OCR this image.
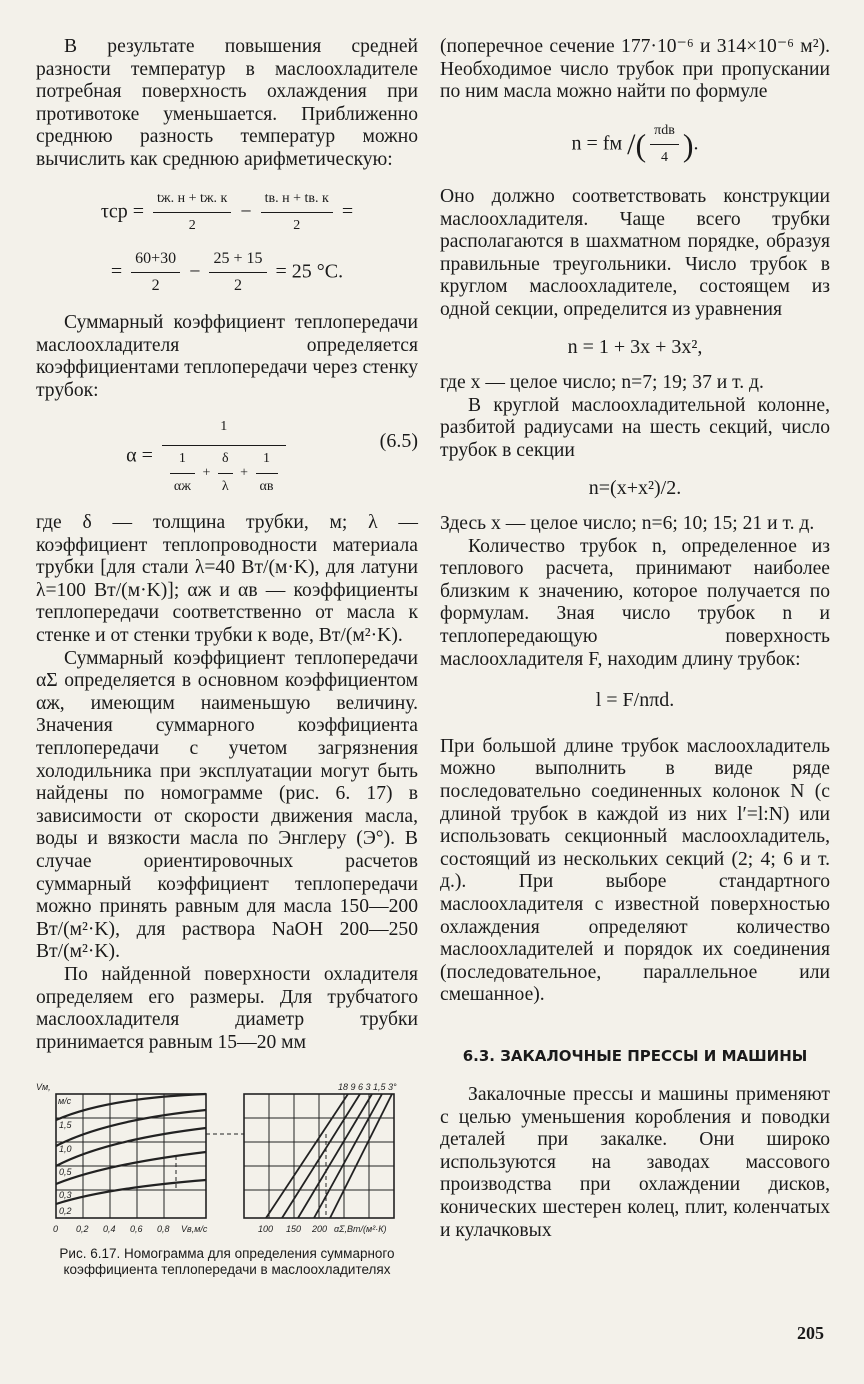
В результате повышения средней разности температур в маслоохладителе потребная поверхность охлаждения при противотоке уменьшается. Приближенно среднюю разность температур можно вычислить как среднюю арифметическую:

$\tau ср = \frac{tж. н + tж. к}{2} - \frac{tв. н + tв. к}{2}$ =
= $\frac{60+30}{2} - \frac{25 + 15}{2} = 25$ °C.

Суммарный коэффициент теплопередачи маслоохладителя определяется коэффициентами теплопередачи через стенку трубок:

(6.5)
$\alpha = \frac{1}{\frac{1}{\alpha ж} + \frac{\delta}{\lambda} + \frac{1}{\alpha в}}$

где δ — толщина трубки, м; λ — коэффициент теплопроводности материала трубки [для стали λ=40 Вт/(м·K), для латуни λ=100 Вт/(м·K)]; αж и αв — коэффициенты теплопередачи соответственно от масла к стенке и от стенки трубки к воде, Вт/(м²·K).

Суммарный коэффициент теплопередачи αΣ определяется в основном коэффициентом αж, имеющим наименьшую величину. Значения суммарного коэффициента теплопередачи с учетом загрязнения холодильника при эксплуатации могут быть найдены по номограмме (рис. 6. 17) в зависимости от скорости движения масла, воды и вязкости масла по Энглеру (Э°). В случае ориентировочных расчетов суммарный коэффициент теплопередачи можно принять равным для масла 150—200 Вт/(м²·K), для раствора NaOH 200—250 Вт/(м²·K).

По найденной поверхности охладителя определяем его размеры. Для трубчатого маслоохладителя диаметр трубки принимается равным 15—20 мм

Vм,
м/с
1,5
1,0
0,5
0,3
0,2
0 0,2 0,4 0,6 0,8 Vв,м/с	100 150 200 αΣ,Вт/(м²·К)
18 9 6 3 1,5 3°
Рис. 6.17. Номограмма для определения суммарного коэффициента теплопередачи в маслоохладителях

(поперечное сечение 177·10⁻⁶ и 314×10⁻⁶ м²). Необходимое число трубок при пропускании по ним масла можно найти по формуле

n = fм /( $\frac{\text{πdв}}{4}$ ).

Оно должно соответствовать конструкции маслоохладителя. Чаще всего трубки располагаются в шахматном порядке, образуя правильные треугольники. Число трубок в круглом маслоохладителе, состоящем из одной секции, определится из уравнения

n = 1 + 3x + 3x²,

где x — целое число; n=7; 19; 37 и т. д.

В круглой маслоохладительной колонне, разбитой радиусами на шесть секций, число трубок в секции

n=(x+x²)/2.

Здесь x — целое число; n=6; 10; 15; 21 и т. д.

Количество трубок n, определенное из теплового расчета, принимают наиболее близким к значению, которое получается по формулам. Зная число трубок n и теплопередающую поверхность маслоохладителя F, находим длину трубок:

l = F/nπd.

При большой длине трубок маслоохладитель можно выполнить в виде ряде последовательно соединенных колонок N (с длиной трубок в каждой из них l′=l:N) или использовать секционный маслоохладитель, состоящий из нескольких секций (2; 4; 6 и т. д.). При выборе стандартного маслоохладителя с известной поверхностью охлаждения определяют количество маслоохладителей и порядок их соединения (последовательное, параллельное или смешанное).

6.3. ЗАКАЛОЧНЫЕ ПРЕССЫ И МАШИНЫ

Закалочные прессы и машины применяют с целью уменьшения коробления и поводки деталей при закалке. Они широко используются на заводах массового производства при охлаждении дисков, конических шестерен колец, плит, коленчатых и кулачковых

205
